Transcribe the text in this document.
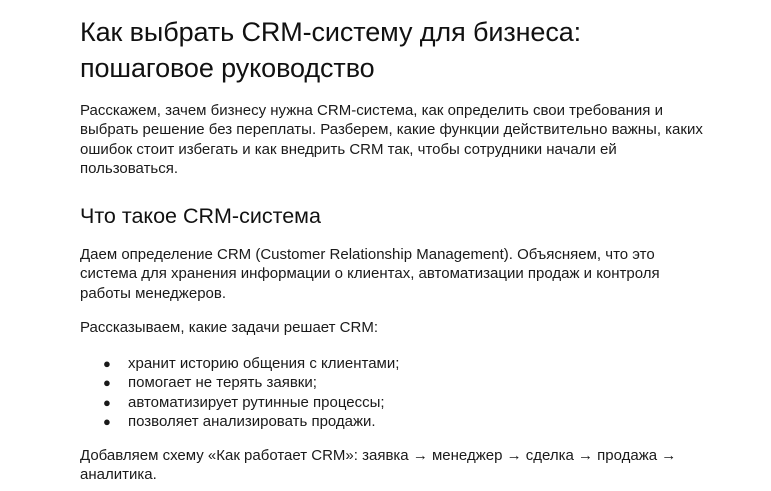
Как выбрать CRM-систему для бизнеса:
пошаговое руководство

Расскажем, зачем бизнесу нужна CRM-система, как определить свои требования и выбрать решение без переплаты. Разберем, какие функции действительно важны, каких ошибок стоит избегать и как внедрить CRM так, чтобы сотрудники начали ей пользоваться.

Что такое CRM-система

Даем определение CRM (Customer Relationship Management). Объясняем, что это система для хранения информации о клиентах, автоматизации продаж и контроля работы менеджеров.

Рассказываем, какие задачи решает CRM:

● хранит историю общения с клиентами;
● помогает не терять заявки;
● автоматизирует рутинные процессы;
● позволяет анализировать продажи.

Добавляем схему «Как работает CRM»: заявка → менеджер → сделка → продажа → аналитика.
